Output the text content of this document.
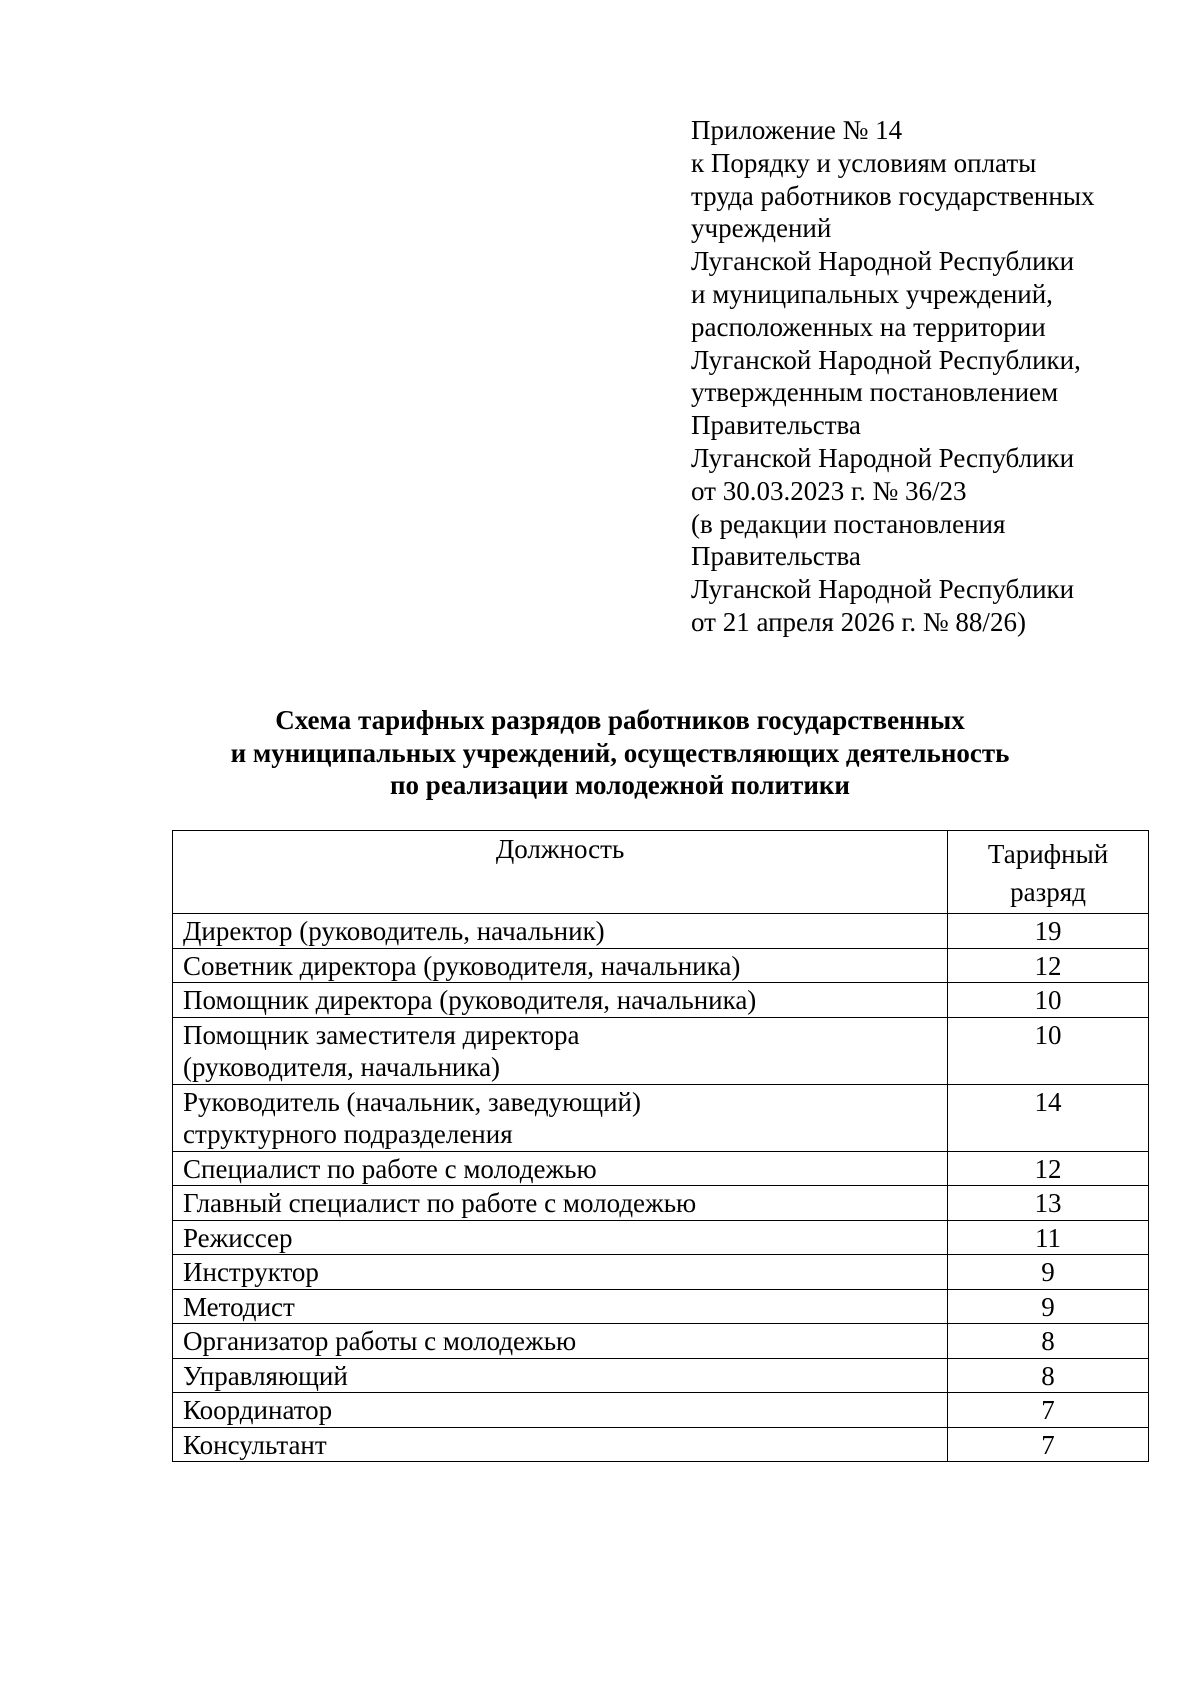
Приложение № 14
к Порядку и условиям оплаты
труда работников государственных
учреждений
Луганской Народной Республики
и муниципальных учреждений,
расположенных на территории
Луганской Народной Республики,
утвержденным постановлением
Правительства
Луганской Народной Республики
от 30.03.2023 г. № 36/23
(в редакции постановления
Правительства
Луганской Народной Республики
от 21 апреля 2026 г. № 88/26)
Схема тарифных разрядов работников государственных
и муниципальных учреждений, осуществляющих деятельность
по реализации молодежной политики
Должность	Тарифный
разряд
Директор (руководитель, начальник)	19
Советник директора (руководителя, начальника)	12
Помощник директора (руководителя, начальника)	10
Помощник заместителя директора
(руководителя, начальника)	10
Руководитель (начальник, заведующий)
структурного подразделения	14
Специалист по работе с молодежью	12
Главный специалист по работе с молодежью	13
Режиссер	11
Инструктор	9
Методист	9
Организатор работы с молодежью	8
Управляющий	8
Координатор	7
Консультант	7
